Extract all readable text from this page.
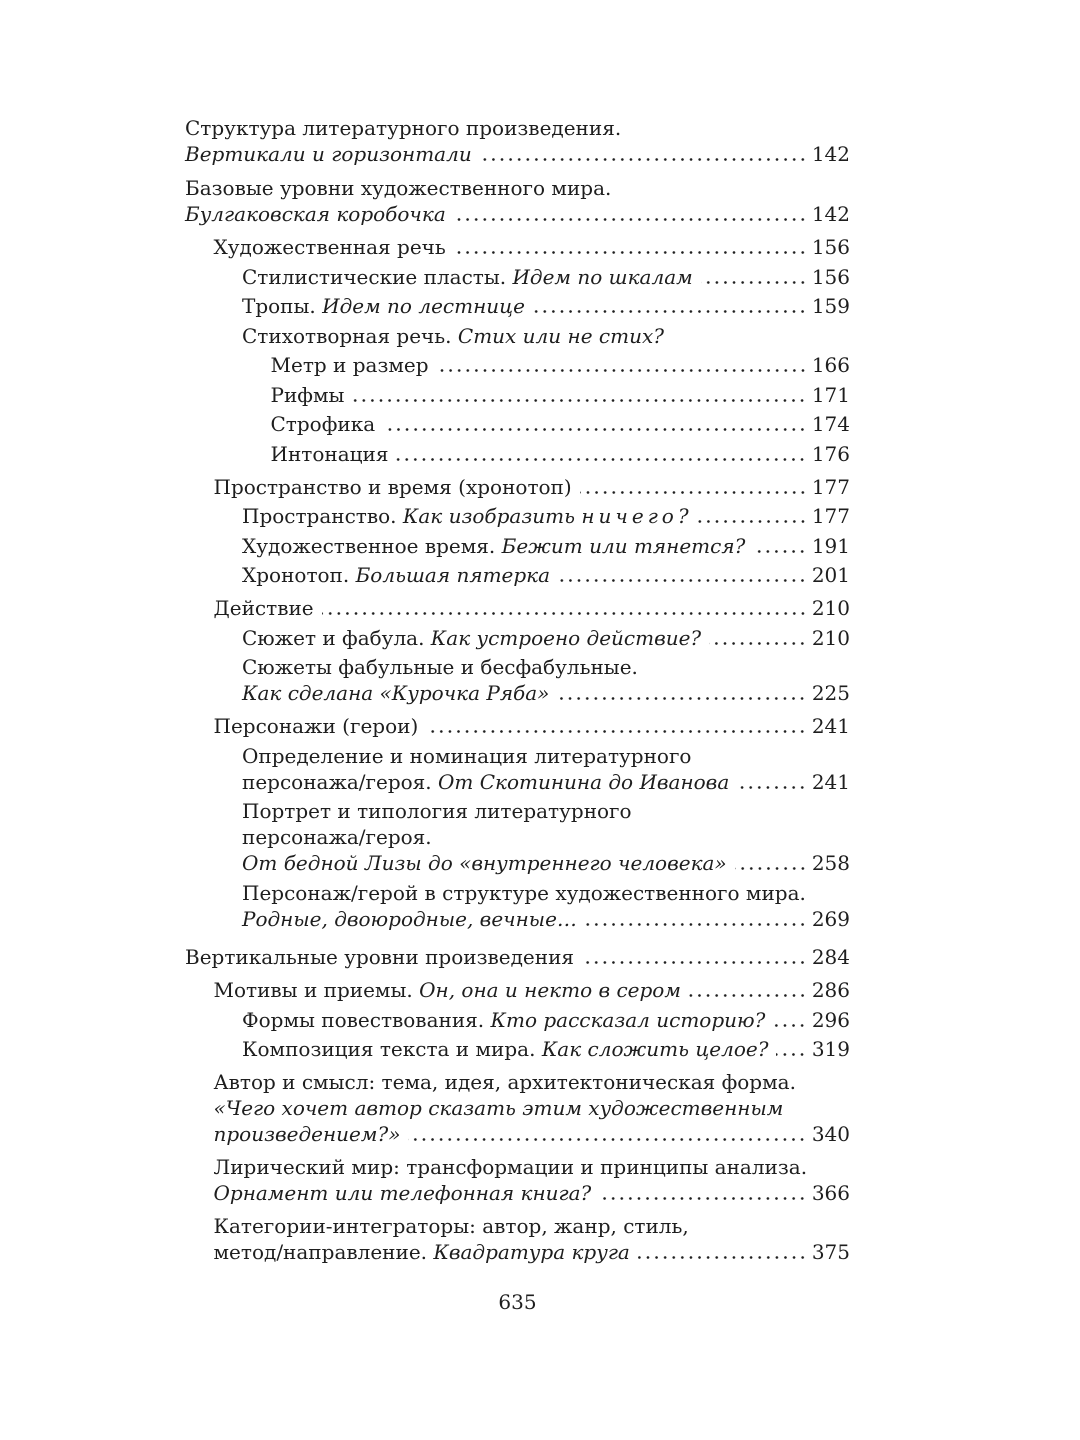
Структура литературного произведения.
Вертикали и горизонтали	142
Базовые уровни художественного мира.
Булгаковская коробочка	142
Художественная речь	156
Стилистические пласты. Идем по шкалам	156
Тропы. Идем по лестнице	159
Стихотворная речь. Стих или не стих?
Метр и размер	166
Рифмы	171
Строфика	174
Интонация	176
Пространство и время (хронотоп)	177
Пространство. Как изобразить ничего?	177
Художественное время. Бежит или тянется?	191
Хронотоп. Большая пятерка	201
Действие	210
Сюжет и фабула. Как устроено действие?	210
Сюжеты фабульные и бесфабульные.
Как сделана «Курочка Ряба»	225
Персонажи (герои)	241
Определение и номинация литературного
персонажа/героя. От Скотинина до Иванова	241
Портрет и типология литературного
персонажа/героя.
От бедной Лизы до «внутреннего человека»	258
Персонаж/герой в структуре художественного мира.
Родные, двоюродные, вечные…	269
Вертикальные уровни произведения	284
Мотивы и приемы. Он, она и некто в сером	286
Формы повествования. Кто рассказал историю? 296
Композиция текста и мира. Как сложить целое? 319
Автор и смысл: тема, идея, архитектоническая форма.
«Чего хочет автор сказать этим художественным
произведением?»	340
Лирический мир: трансформации и принципы анализа.
Орнамент или телефонная книга?	366
Категории-интеграторы: автор, жанр, стиль,
метод/направление. Квадратура круга	375
635
